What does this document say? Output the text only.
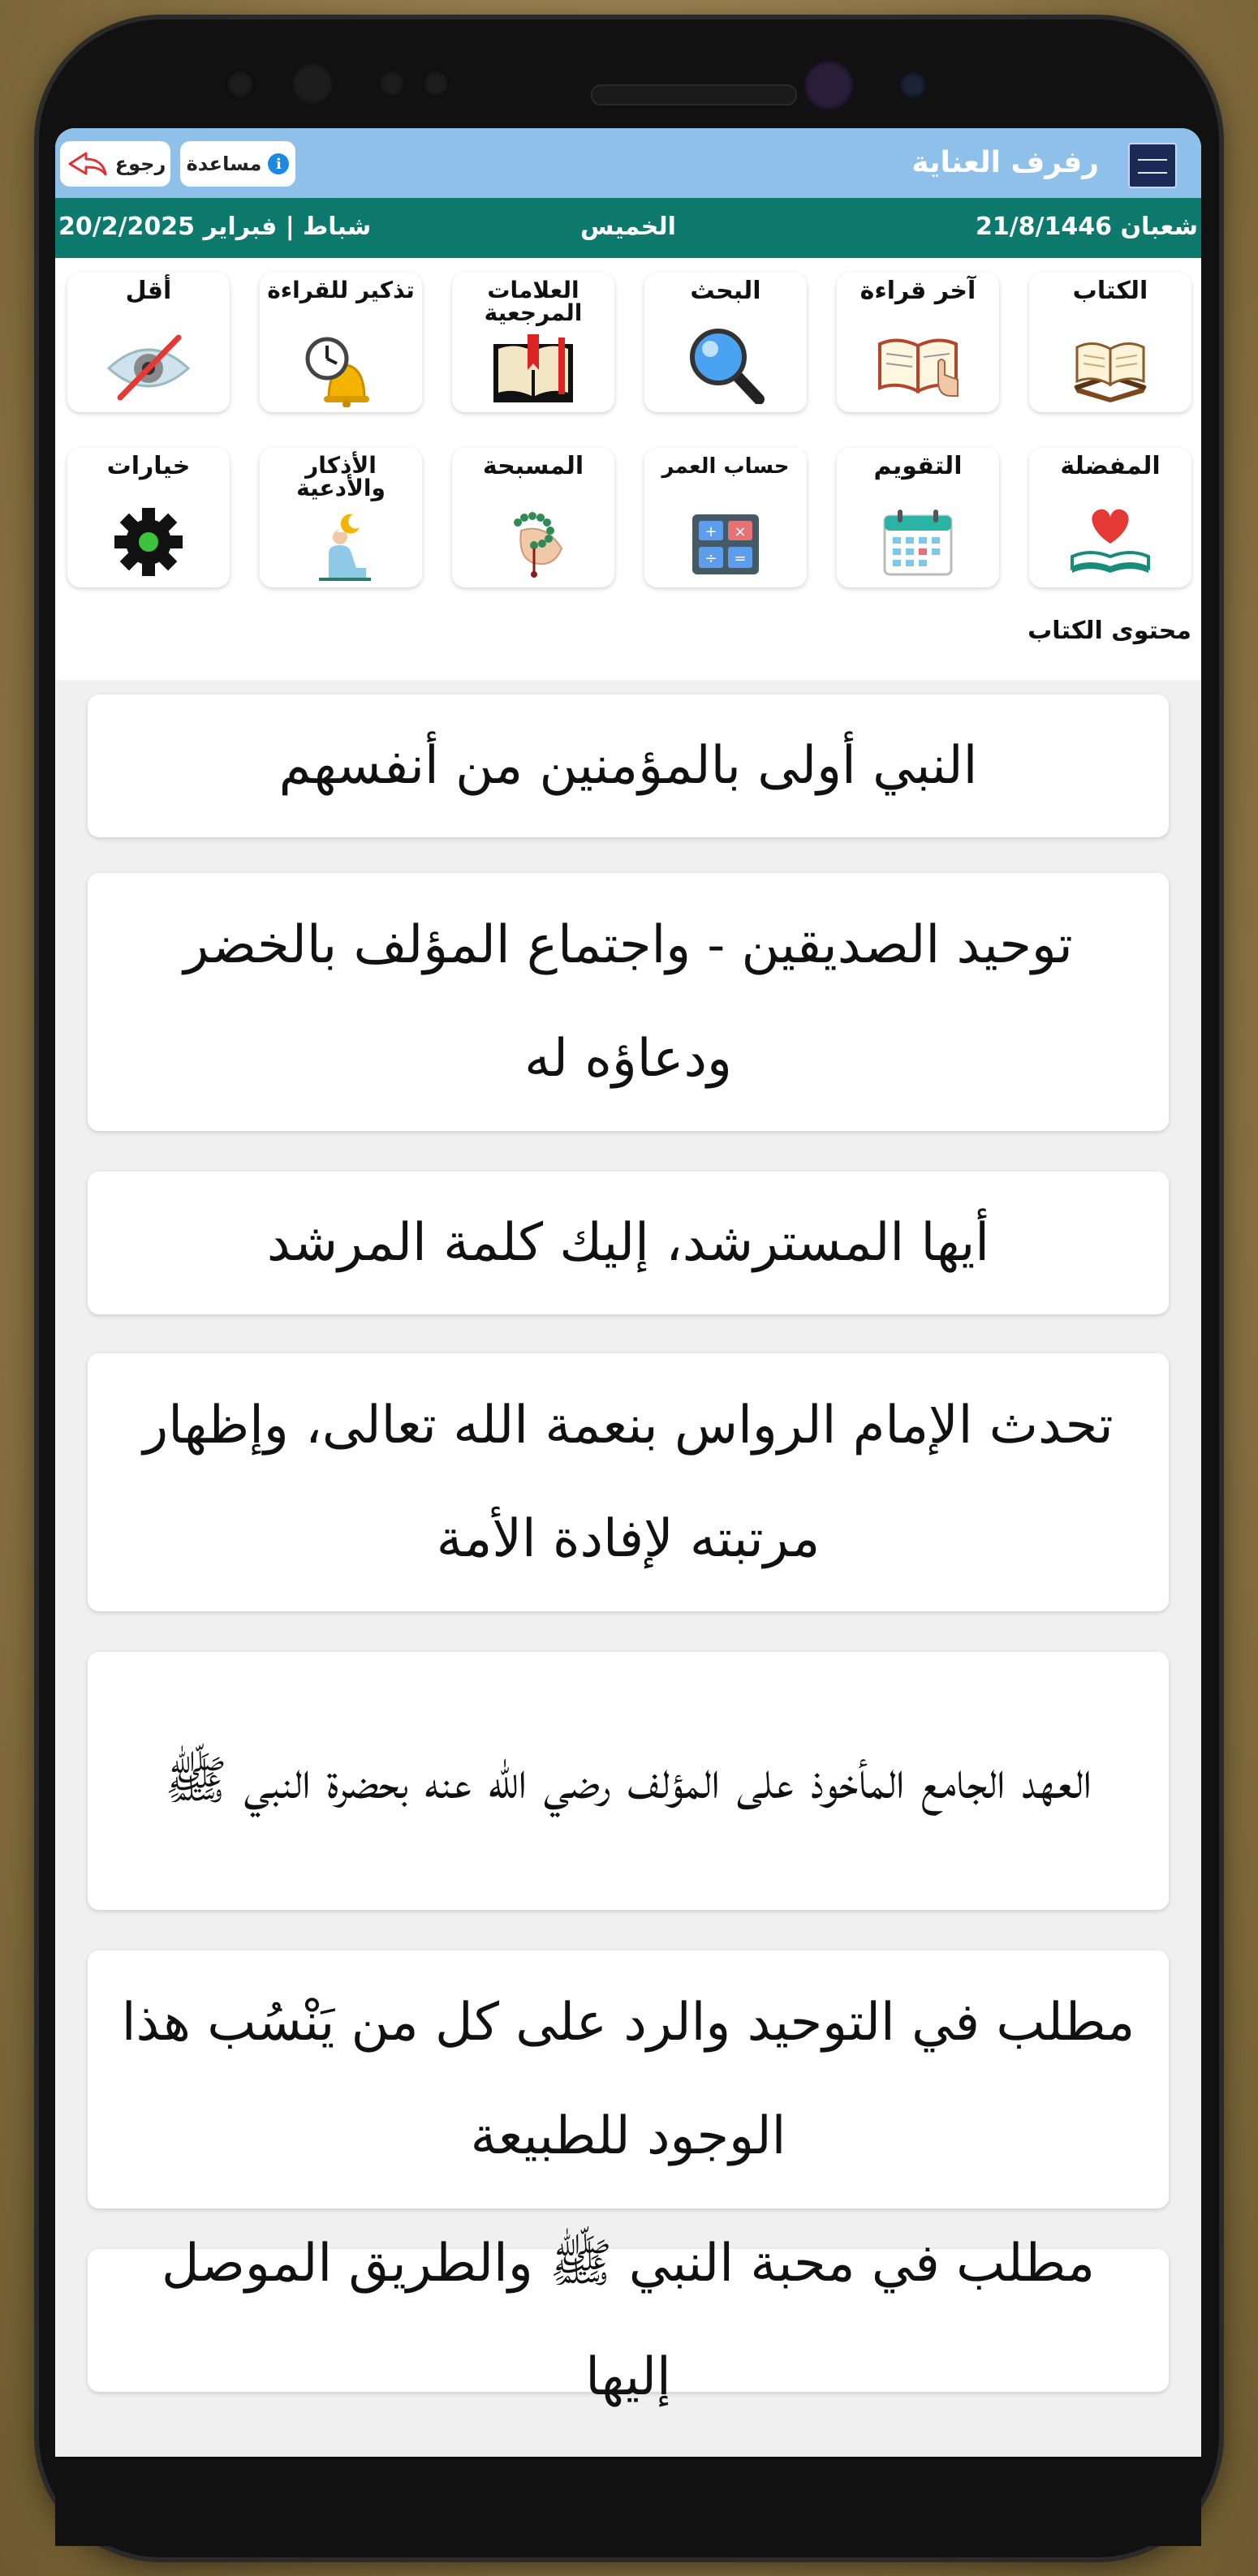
رجوع مساعدة i	رفرف العناية
21/8/1446 شعبان
الخميس
20/2/2025 شباط | فبراير
الكتاب
آخر قراءة
البحث
العلامات المرجعية
تذكير للقراءة
أقل
المفضلة
التقويم
حساب العمر
+ ×
÷ =
المسبحة
الأذكار والأدعية
خيارات
محتوى الكتاب
النبي أولى بالمؤمنين من أنفسهم
توحيد الصديقين - واجتماع المؤلف بالخضر ودعاؤه له
أيها المسترشد، إليك كلمة المرشد
تحدث الإمام الرواس بنعمة الله تعالى، وإظهار مرتبته لإفادة الأمة
العهد الجامع المأخوذ على المؤلف رضي الله عنه بحضرة النبي ﷺ
مطلب في التوحيد والرد على كل من يَنْسُب هذا الوجود للطبيعة
مطلب في محبة النبي ﷺ والطريق الموصل إليها
